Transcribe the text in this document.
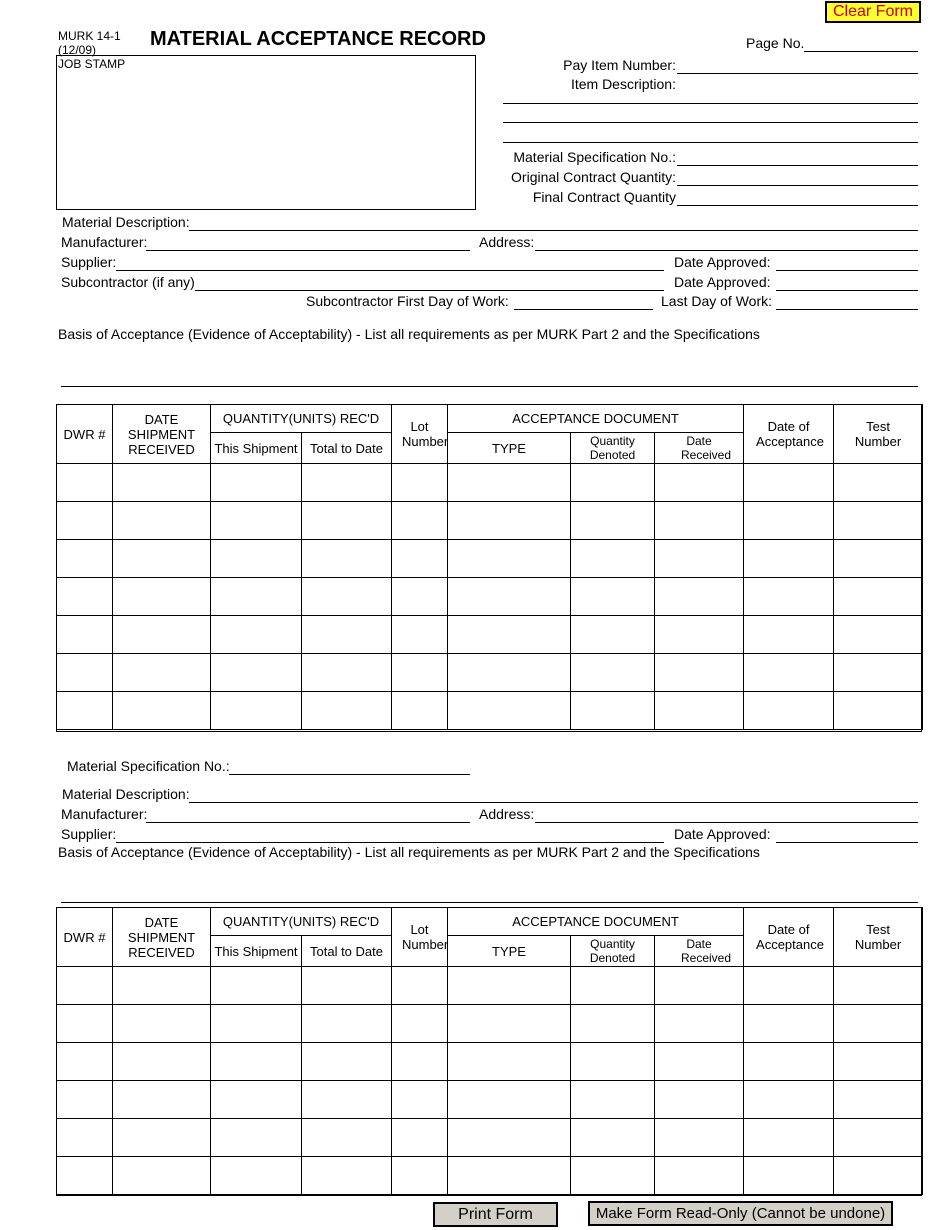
MURK 14-1
(12/09)	MATERIAL ACCEPTANCE RECORD
Clear Form
Page No.
JOB STAMP	Pay Item Number:
Item Description:
Material Specification No.:
Original Contract Quantity:
Final Contract Quantity
Material Description:
Manufacturer:	Address:
Supplier:	Date Approved:
Subcontractor (if any)	Date Approved:
Subcontractor First Day of Work:	Last Day of Work:
Basis of Acceptance (Evidence of Acceptability) - List all requirements as per MURK Part 2 and the Specifications
DWR #	DATE SHIPMENT RECEIVED	QUANTITY(UNITS) REC'D		Lot Number	ACCEPTANCE DOCUMENT			Date of Acceptance	Test Number
		This Shipment	Total to Date		TYPE	Quantity Denoted	Date Received		

Material Specification No.:
Material Description:
Manufacturer:	Address:
Supplier:	Date Approved:
Basis of Acceptance (Evidence of Acceptability) - List all requirements as per MURK Part 2 and the Specifications
DWR #	DATE SHIPMENT RECEIVED	QUANTITY(UNITS) REC'D		Lot Number	ACCEPTANCE DOCUMENT			Date of Acceptance	Test Number
		This Shipment	Total to Date		TYPE	Quantity Denoted	Date Received		

Print Form	Make Form Read-Only (Cannot be undone)
